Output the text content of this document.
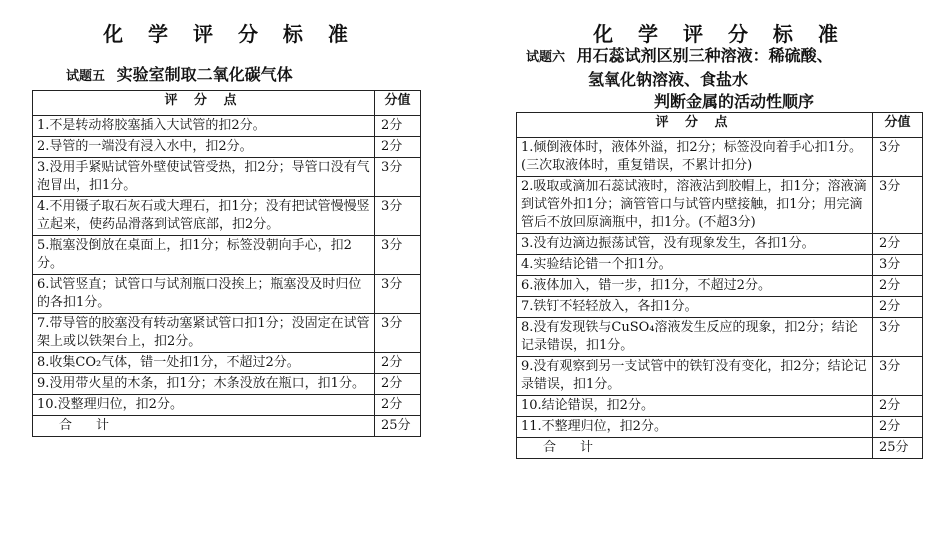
化 学 评 分 标 准
试题五 实验室制取二氧化碳气体
评 分 点	分值
1.不是转动将胶塞插入大试管的扣2分。	2分
2.导管的一端没有浸入水中，扣2分。	2分
3.没用手紧贴试管外壁使试管受热，扣2分；导管口没有气泡冒出，扣1分。	3分
4.不用镊子取石灰石或大理石，扣1分；没有把试管慢慢竖立起来，使药品滑落到试管底部，扣2分。	3分
5.瓶塞没倒放在桌面上，扣1分；标签没朝向手心，扣2分。	3分
6.试管竖直；试管口与试剂瓶口没挨上；瓶塞没及时归位的各扣1分。	3分
7.带导管的胶塞没有转动塞紧试管口扣1分；没固定在试管架上或以铁架台上，扣2分。	3分
8.收集CO₂气体，错一处扣1分，不超过2分。	2分
9.没用带火星的木条，扣1分；木条没放在瓶口，扣1分。	2分
10.没整理归位，扣2分。	2分
合计	25分
化 学 评 分 标 准
试题六 用石蕊试剂区别三种溶液：稀硫酸、
氢氧化钠溶液、食盐水
判断金属的活动性顺序
评 分 点	分值
1.倾倒液体时，液体外溢，扣2分；标签没向着手心扣1分。(三次取液体时，重复错误，不累计扣分)	3分
2.吸取或滴加石蕊试液时，溶液沾到胶帽上，扣1分；溶液滴到试管外扣1分；滴管管口与试管内壁接触，扣1分；用完滴管后不放回原滴瓶中，扣1分。(不超3分)	3分
3.没有边滴边振荡试管，没有现象发生，各扣1分。	2分
4.实验结论错一个扣1分。	3分
6.液体加入，错一步，扣1分，不超过2分。	2分
7.铁钉不轻轻放入，各扣1分。	2分
8.没有发现铁与CuSO₄溶液发生反应的现象，扣2分；结论记录错误，扣1分。	3分
9.没有观察到另一支试管中的铁钉没有变化，扣2分；结论记录错误，扣1分。	3分
10.结论错误，扣2分。	2分
11.不整理归位，扣2分。	2分
合计	25分
